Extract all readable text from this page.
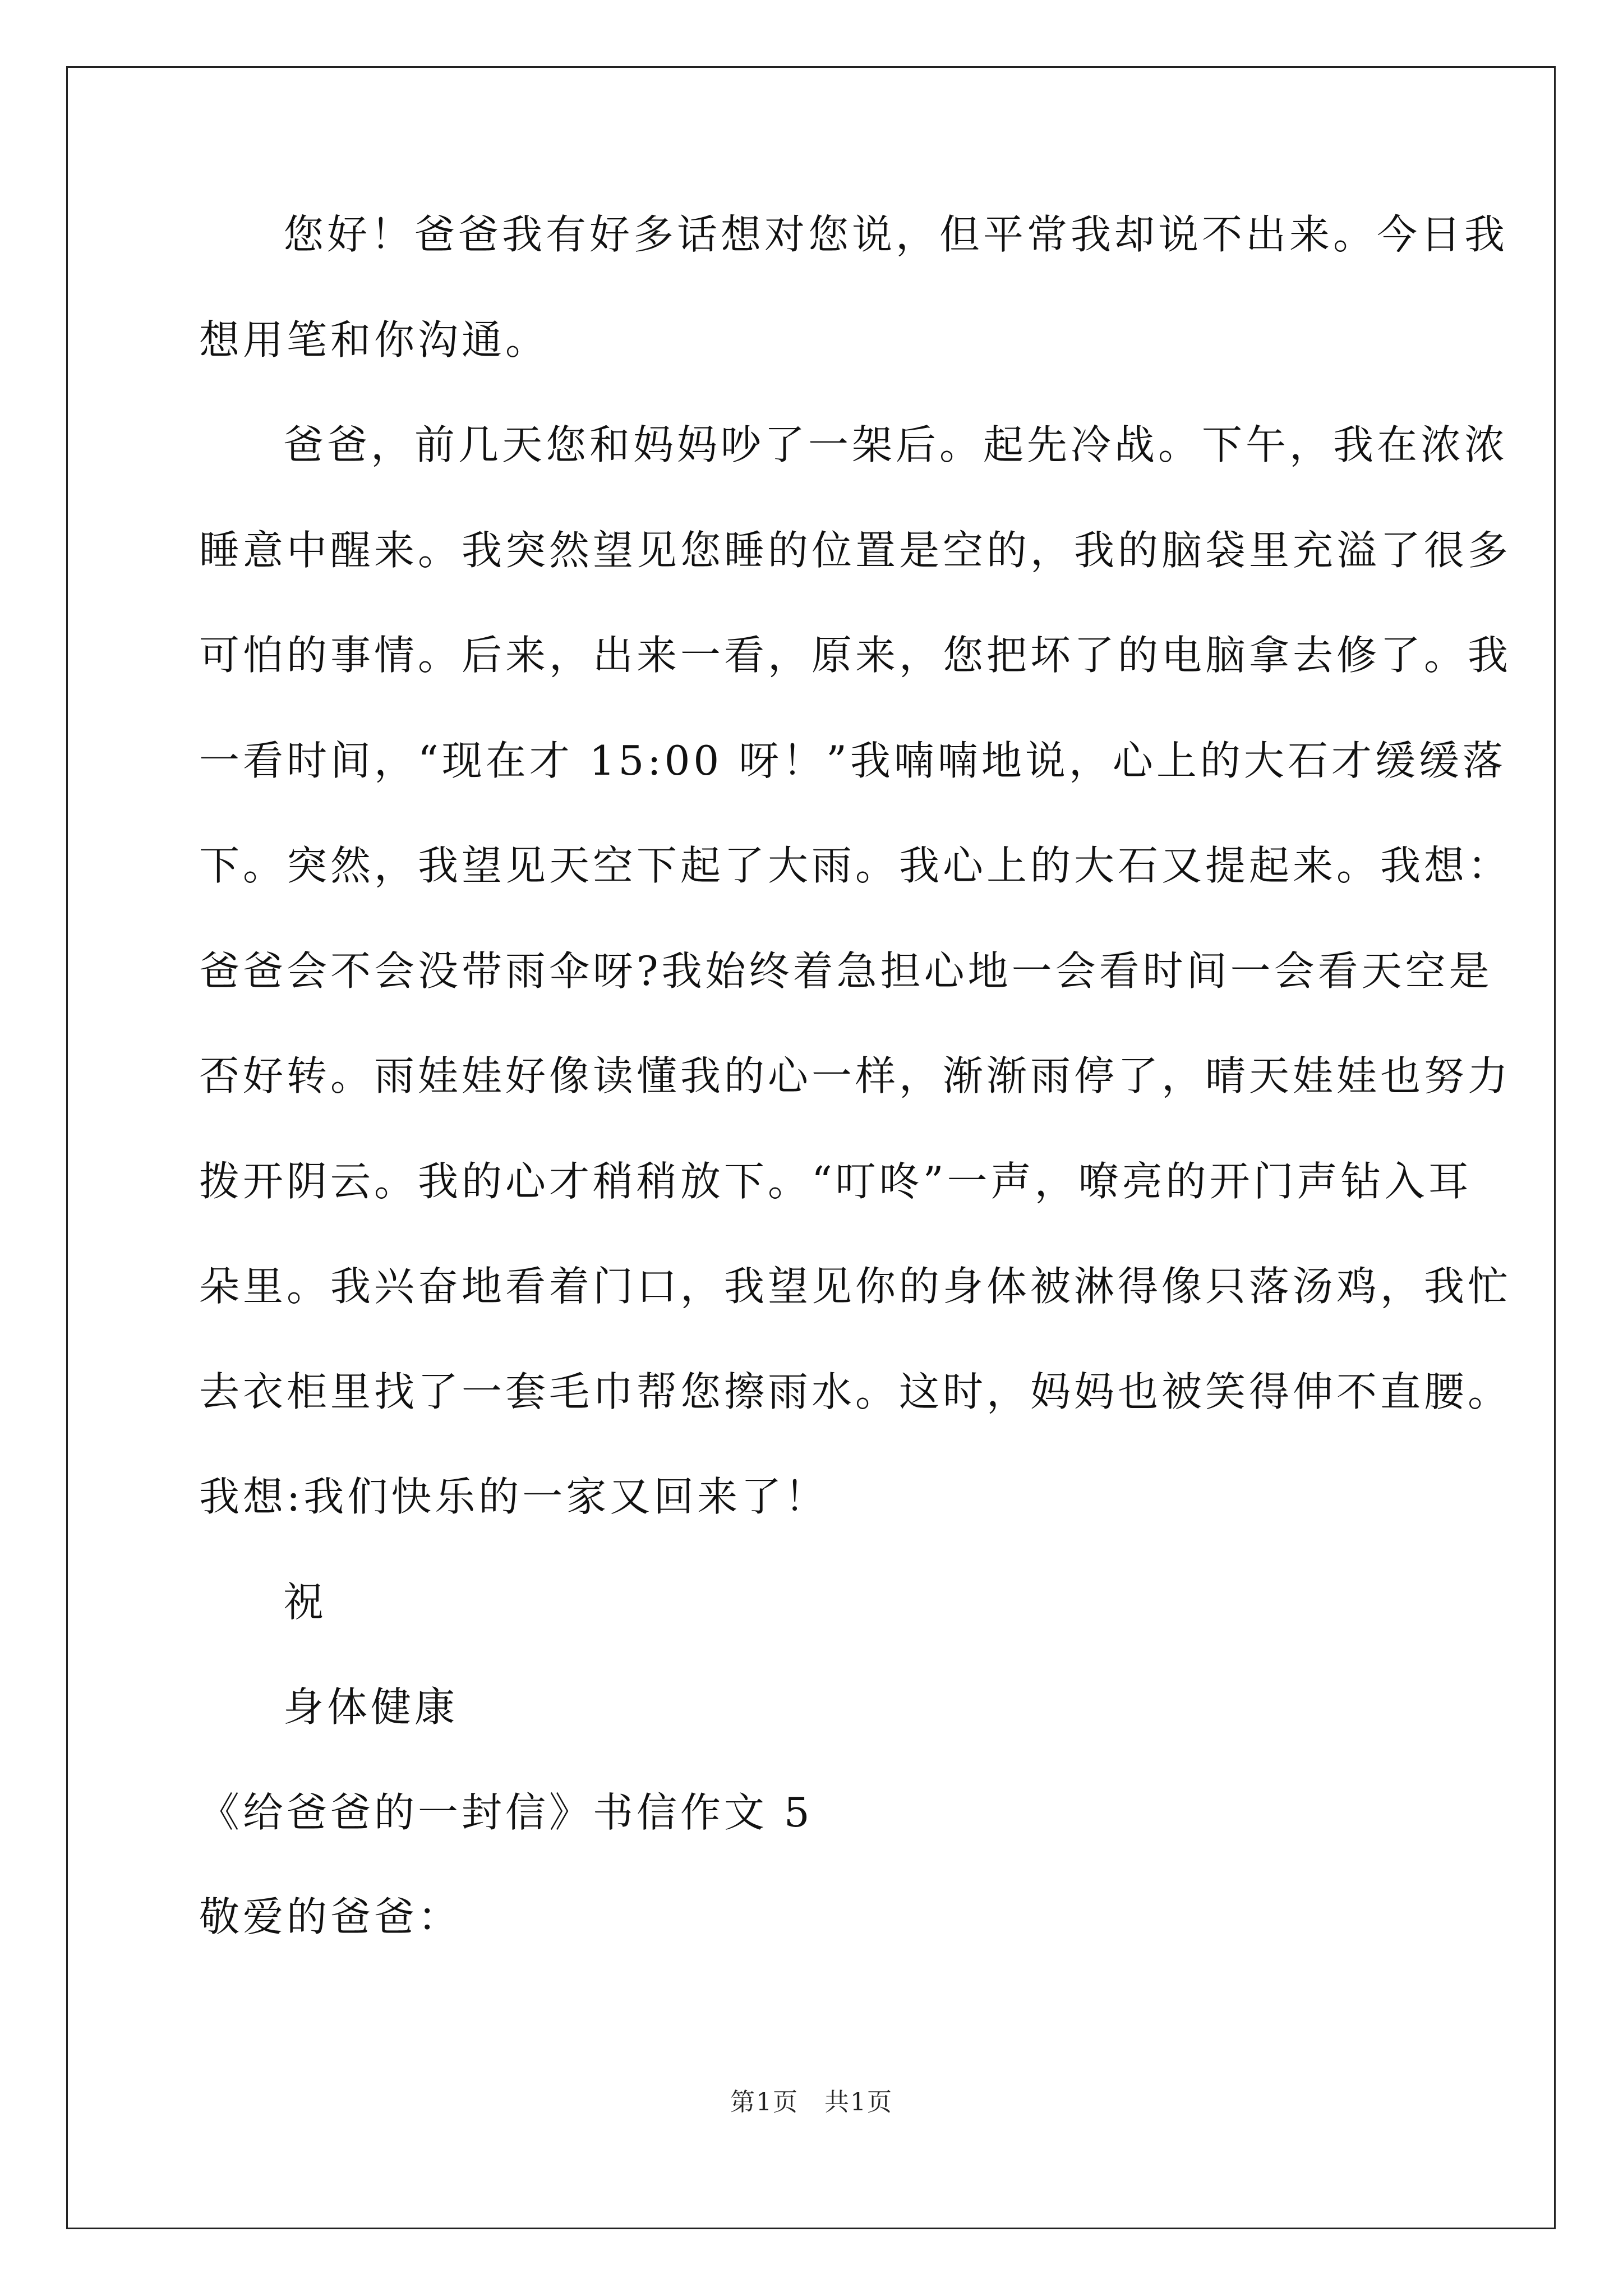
您好！爸爸我有好多话想对您说，但平常我却说不出来。今日我
想用笔和你沟通。
爸爸，前几天您和妈妈吵了一架后。起先冷战。下午，我在浓浓
睡意中醒来。我突然望见您睡的位置是空的，我的脑袋里充溢了很多
可怕的事情。后来，出来一看，原来，您把坏了的电脑拿去修了。我
一看时间，“现在才 15:00 呀！”我喃喃地说，心上的大石才缓缓落
下。突然，我望见天空下起了大雨。我心上的大石又提起来。我想：
爸爸会不会没带雨伞呀?我始终着急担心地一会看时间一会看天空是
否好转。雨娃娃好像读懂我的心一样，渐渐雨停了，晴天娃娃也努力
拨开阴云。我的心才稍稍放下。“叮咚”一声，嘹亮的开门声钻入耳
朵里。我兴奋地看着门口，我望见你的身体被淋得像只落汤鸡，我忙
去衣柜里找了一套毛巾帮您擦雨水。这时，妈妈也被笑得伸不直腰。
我想:我们快乐的一家又回来了！
祝
身体健康
《给爸爸的一封信》书信作文 5
敬爱的爸爸：
第1页　共1页
